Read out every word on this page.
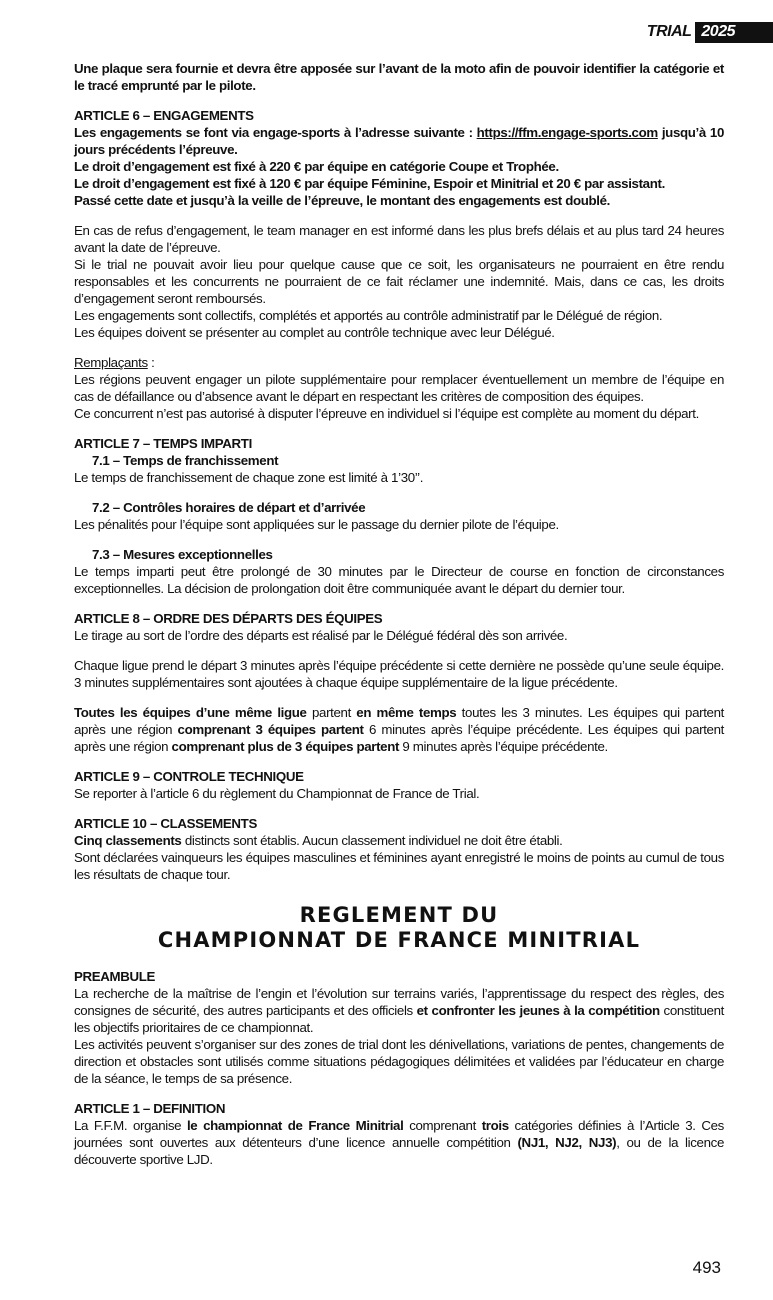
TRIAL 2025

Une plaque sera fournie et devra être apposée sur l’avant de la moto afin de pouvoir identifier la catégorie et le tracé emprunté par le pilote.

ARTICLE 6 – ENGAGEMENTS

Les engagements se font via engage-sports à l’adresse suivante : https://ffm.engage-sports.com jusqu’à 10 jours précédents l’épreuve.

Le droit d’engagement est fixé à 220 € par équipe en catégorie Coupe et Trophée.

Le droit d’engagement est fixé à 120 € par équipe Féminine, Espoir et Minitrial et 20 € par assistant.

Passé cette date et jusqu’à la veille de l’épreuve, le montant des engagements est doublé.

En cas de refus d’engagement, le team manager en est informé dans les plus brefs délais et au plus tard 24 heures avant la date de l’épreuve.

Si le trial ne pouvait avoir lieu pour quelque cause que ce soit, les organisateurs ne pourraient en être rendu responsables et les concurrents ne pourraient de ce fait réclamer une indemnité. Mais, dans ce cas, les droits d’engagement seront remboursés.

Les engagements sont collectifs, complétés et apportés au contrôle administratif par le Délégué de région.

Les équipes doivent se présenter au complet au contrôle technique avec leur Délégué.

Remplaçants :

Les régions peuvent engager un pilote supplémentaire pour remplacer éventuellement un membre de l’équipe en cas de défaillance ou d’absence avant le départ en respectant les critères de composition des équipes.

Ce concurrent n’est pas autorisé à disputer l’épreuve en individuel si l’équipe est complète au moment du départ.

ARTICLE 7 – TEMPS IMPARTI

7.1 – Temps de franchissement

Le temps de franchissement de chaque zone est limité à 1’30’’.

7.2 – Contrôles horaires de départ et d’arrivée

Les pénalités pour l’équipe sont appliquées sur le passage du dernier pilote de l’équipe.

7.3 – Mesures exceptionnelles

Le temps imparti peut être prolongé de 30 minutes par le Directeur de course en fonction de circonstances exceptionnelles. La décision de prolongation doit être communiquée avant le départ du dernier tour.

ARTICLE 8 – ORDRE DES DÉPARTS DES ÉQUIPES

Le tirage au sort de l’ordre des départs est réalisé par le Délégué fédéral dès son arrivée.

Chaque ligue prend le départ 3 minutes après l’équipe précédente si cette dernière ne possède qu’une seule équipe. 3 minutes supplémentaires sont ajoutées à chaque équipe supplémentaire de la ligue précédente.

Toutes les équipes d’une même ligue partent en même temps toutes les 3 minutes. Les équipes qui partent après une région comprenant 3 équipes partent 6 minutes après l’équipe précédente. Les équipes qui partent après une région comprenant plus de 3 équipes partent 9 minutes après l’équipe précédente.

ARTICLE 9 – CONTROLE TECHNIQUE

Se reporter à l’article 6 du règlement du Championnat de France de Trial.

ARTICLE 10 – CLASSEMENTS

Cinq classements distincts sont établis. Aucun classement individuel ne doit être établi.

Sont déclarées vainqueurs les équipes masculines et féminines ayant enregistré le moins de points au cumul de tous les résultats de chaque tour.

REGLEMENT DU

CHAMPIONNAT DE FRANCE MINITRIAL

PREAMBULE

La recherche de la maîtrise de l’engin et l’évolution sur terrains variés, l’apprentissage du respect des règles, des consignes de sécurité, des autres participants et des officiels et confronter les jeunes à la compétition constituent les objectifs prioritaires de ce championnat.

Les activités peuvent s’organiser sur des zones de trial dont les dénivellations, variations de pentes, changements de direction et obstacles sont utilisés comme situations pédagogiques délimitées et validées par l’éducateur en charge de la séance, le temps de sa présence.

ARTICLE 1 – DEFINITION

La F.F.M. organise le championnat de France Minitrial comprenant trois catégories définies à l’Article 3. Ces journées sont ouvertes aux détenteurs d’une licence annuelle compétition (NJ1, NJ2, NJ3), ou de la licence découverte sportive LJD.

493
